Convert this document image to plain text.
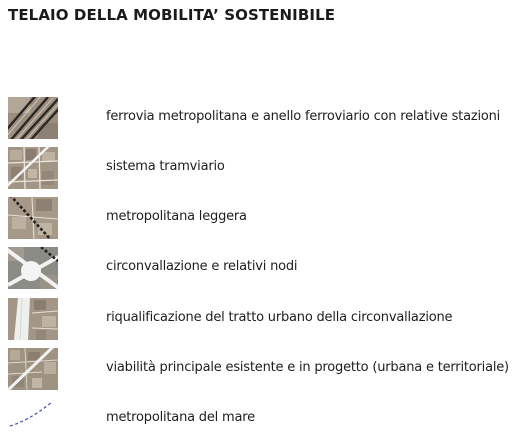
TELAIO DELLA MOBILITA’ SOSTENIBILE
ferrovia metropolitana e anello ferroviario con relative stazioni
sistema tramviario
metropolitana leggera
circonvallazione e relativi nodi
riqualificazione del tratto urbano della circonvallazione
viabilità principale esistente e in progetto (urbana e territoriale)
metropolitana del mare
